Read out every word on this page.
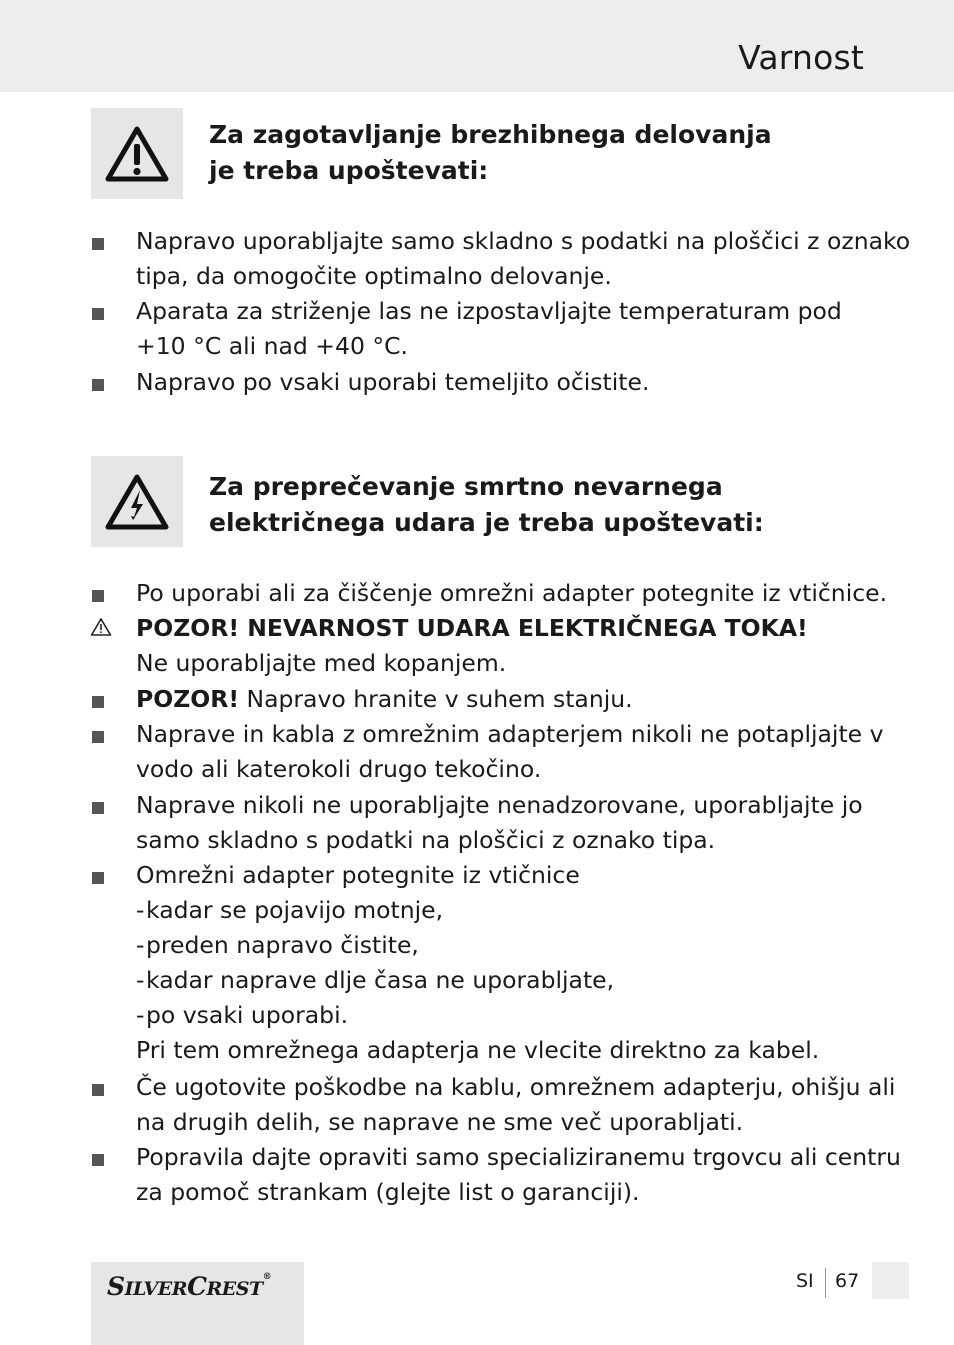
Varnost
Za zagotavljanje brezhibnega delovanja
je treba upoštevati:
Napravo uporabljajte samo skladno s podatki na ploščici z oznako
tipa, da omogočite optimalno delovanje.
Aparata za striženje las ne izpostavljajte temperaturam pod
+10 °C ali nad +40 °C.
Napravo po vsaki uporabi temeljito očistite.
Za preprečevanje smrtno nevarnega
električnega udara je treba upoštevati:
Po uporabi ali za čiščenje omrežni adapter potegnite iz vtičnice.
POZOR! NEVARNOST UDARA ELEKTRIČNEGA TOKA!
Ne uporabljajte med kopanjem.
POZOR! Napravo hranite v suhem stanju.
Naprave in kabla z omrežnim adapterjem nikoli ne potapljajte v
vodo ali katerokoli drugo tekočino.
Naprave nikoli ne uporabljajte nenadzorovane, uporabljajte jo
samo skladno s podatki na ploščici z oznako tipa.
Omrežni adapter potegnite iz vtičnice
-kadar se pojavijo motnje,
-preden napravo čistite,
-kadar naprave dlje časa ne uporabljate,
-po vsaki uporabi.
Pri tem omrežnega adapterja ne vlecite direktno za kabel.
Če ugotovite poškodbe na kablu, omrežnem adapterju, ohišju ali
na drugih delih, se naprave ne sme več uporabljati.
Popravila dajte opraviti samo specializiranemu trgovcu ali centru
za pomoč strankam (glejte list o garanciji).
SILVERCREST®	SI 67
